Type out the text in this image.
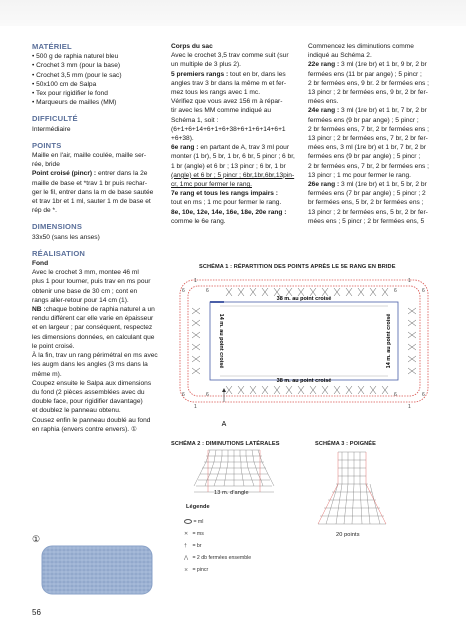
MATÉRIEL
• 500 g de raphia naturel bleu
• Crochet 3 mm (pour la base)
• Crochet 3,5 mm (pour le sac)
• 50x100 cm de Salpa
• Tex pour rigidifier le fond
• Marqueurs de mailles (MM)
DIFFICULTÉ
Intermédiaire
POINTS
Maille en l'air, maille coulée, maille ser-
rée, bride
Point croisé (pincr) : entrer dans la 2e
maille de base et *trav 1 br puis rechar-
ger le fil, entrer dans la m de base sautée
et trav 1br et 1 ml, sauter 1 m de base et
rép de *.
DIMENSIONS
33x50 (sans les anses)
RÉALISATION
Fond
Avec le crochet 3 mm, montee 46 ml
plus 1 pour tourner, puis trav en ms pour
obtenir une base de 30 cm ; cont en
rangs aller-retour pour 14 cm (1).
NB :chaque bobine de raphia naturel a un
rendu différent car elle varie en épaisseur
et en largeur ; par conséquent, respectez
les dimensions données, en calculant que
le point croisé.
À la fin, trav un rang périmétral en ms avec
les augm dans les angles (3 ms dans la
même m).
Coupez ensuite le Salpa aux dimensions
du fond (2 pièces assemblées avec du
double face, pour rigidifier davantage)
et doublez le panneau obtenu.
Cousez enfin le panneau doublé au fond
en raphia (envers contre envers). ①
Corps du sac
Avec le crochet 3,5 trav comme suit (sur
un multiple de 3 plus 2).
5 premiers rangs : tout en br, dans les
angles trav 3 br dans la même m et fer-
mez tous les rangs avec 1 mc.
Vérifiez que vous avez 156 m à répar-
tir avec les MM comme indiqué au
Schéma 1, soit :
(6+1+6+14+6+1+6+38+6+1+6+14+6+1
+6+38).
6e rang : en partant de A, trav 3 ml pour
monter (1 br), 5 br, 1 br, 6 br, 5 pincr ; 6 br,
1 br (angle) et 6 br ; 13 pincr ; 6 br, 1 br
(angle) et 6 br ; 5 pincr ; 6br,1br,6br,13pin-
cr, 1mc pour fermer le rang.
7e rang et tous les rangs impairs :
tout en ms ; 1 mc pour fermer le rang.
8e, 10e, 12e, 14e, 16e, 18e, 20e rang :
comme le 6e rang.
Commencez les diminutions comme
indiqué au Schéma 2.
22e rang : 3 ml (1re br) et 1 br, 9 br, 2 br
fermées ens (11 br par ange) ; 5 pincr ;
2 br fermées ens, 9 br. 2 br fermées ens ;
13 pincr ; 2 br fermées ens, 9 br, 2 br fer-
mées ens.
24e rang : 3 ml (1re br) et 1 br, 7 br, 2 br
fermées ens (9 br par ange) ; 5 pincr ;
2 br fermées ens, 7 br, 2 br fermées ens ;
13 pincr ; 2 br fermées ens, 7 br, 2 br fer-
mées ens, 3 ml (1re br) et 1 br, 7 br, 2 br
fermées ens (9 br par angle) ; 5 pincr ;
2 br fermées ens, 7 br, 2 br fermées ens ;
13 pincr ; 1 mc pour fermer le rang.
26e rang : 3 ml (1re br) et 1 br, 5 br, 2 br
fermées ens (7 br par angle) ; 5 pincr ; 2
br fermées ens, 5 br, 2 br fermées ens ;
13 pincr ; 2 br fermées ens, 5 br, 2 br fer-
mées ens ; 5 pincr ; 2 br fermées ens, 5
SCHÉMA 1 : RÉPARTITION DES POINTS APRÈS LE 5E RANG EN BRIDE
38 m. au point croisé
38 m. au point croisé
14 m. au point croisé	14 m. au point croisé
6
1
6	6
1
6
6
1
6	6
1
6
A
SCHÉMA 2 : DIMINUTIONS LATÉRALES
13 m. d'angle
SCHÉMA 3 : POIGNÉE
20 points
Légende
= ml
✕ = ms
† = br
⋀ = 2 db fermées ensemble
⨯ = pincr
①
56
